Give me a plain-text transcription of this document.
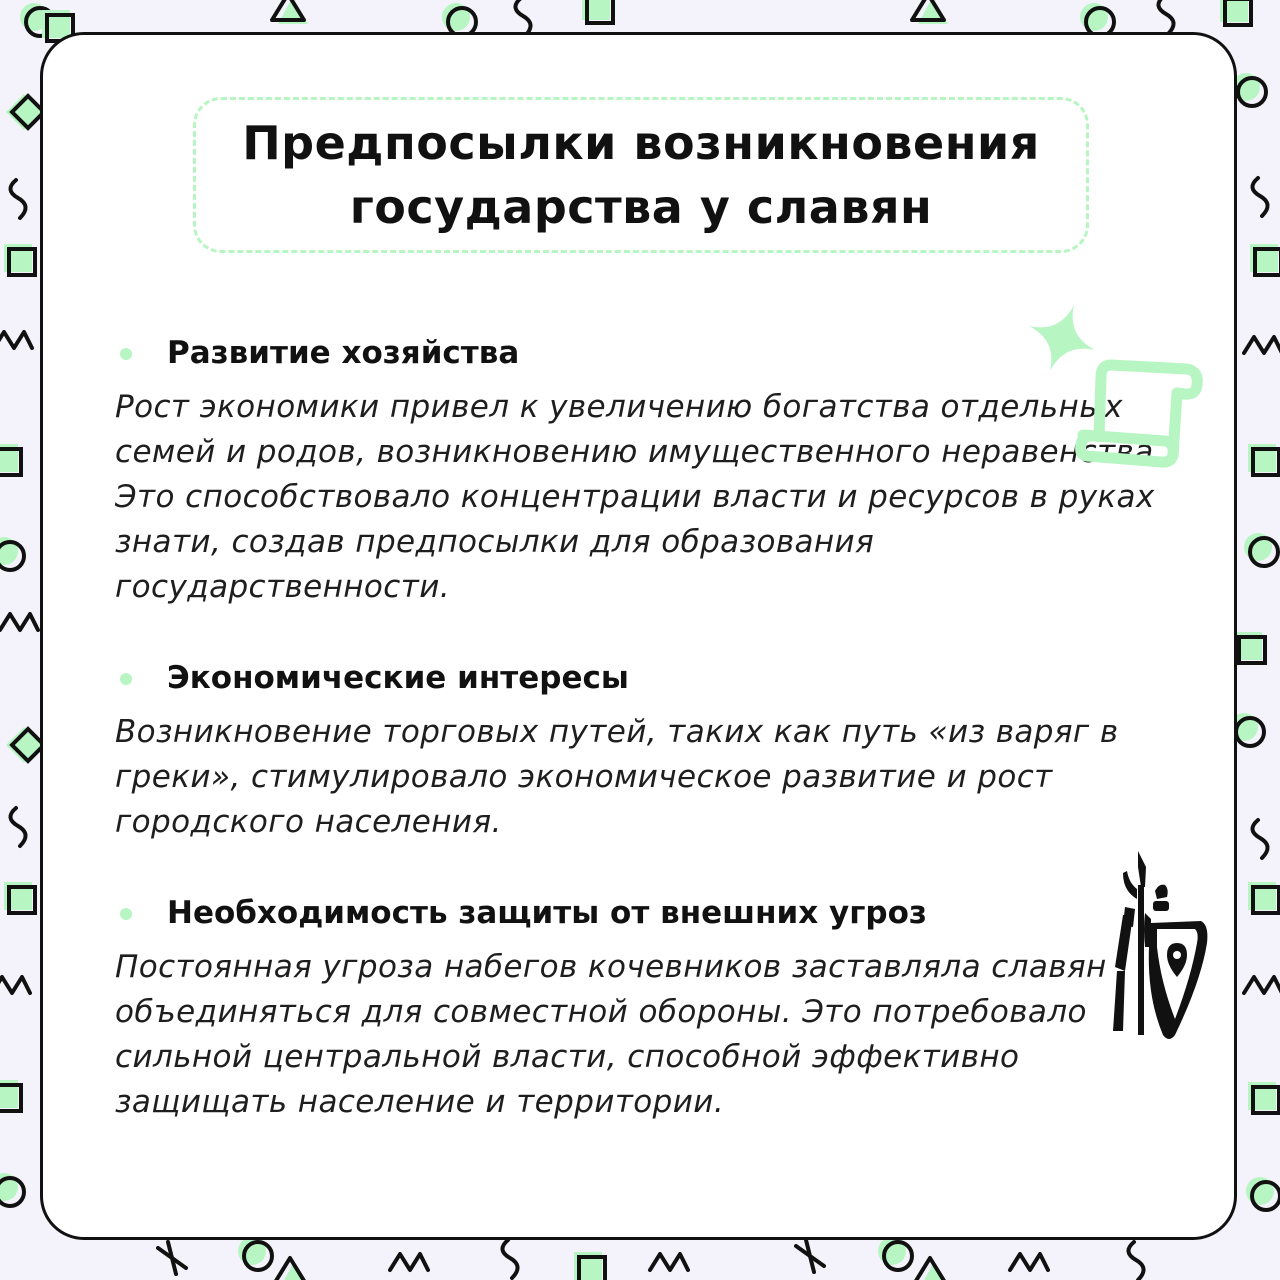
Предпосылки возникновения государства у славян
Развитие хозяйства

Рост экономики привел к увеличению богатства отдельных семей и родов, возникновению имущественного неравенства. Это способствовало концентрации власти и ресурсов в руках знати, создав предпосылки для образования государственности.

Экономические интересы

Возникновение торговых путей, таких как путь «из варяг в греки», стимулировало экономическое развитие и рост городского населения.

Необходимость защиты от внешних угроз

Постоянная угроза набегов кочевников заставляла славян объединяться для совместной обороны. Это потребовало сильной центральной власти, способной эффективно защищать население и территории.
